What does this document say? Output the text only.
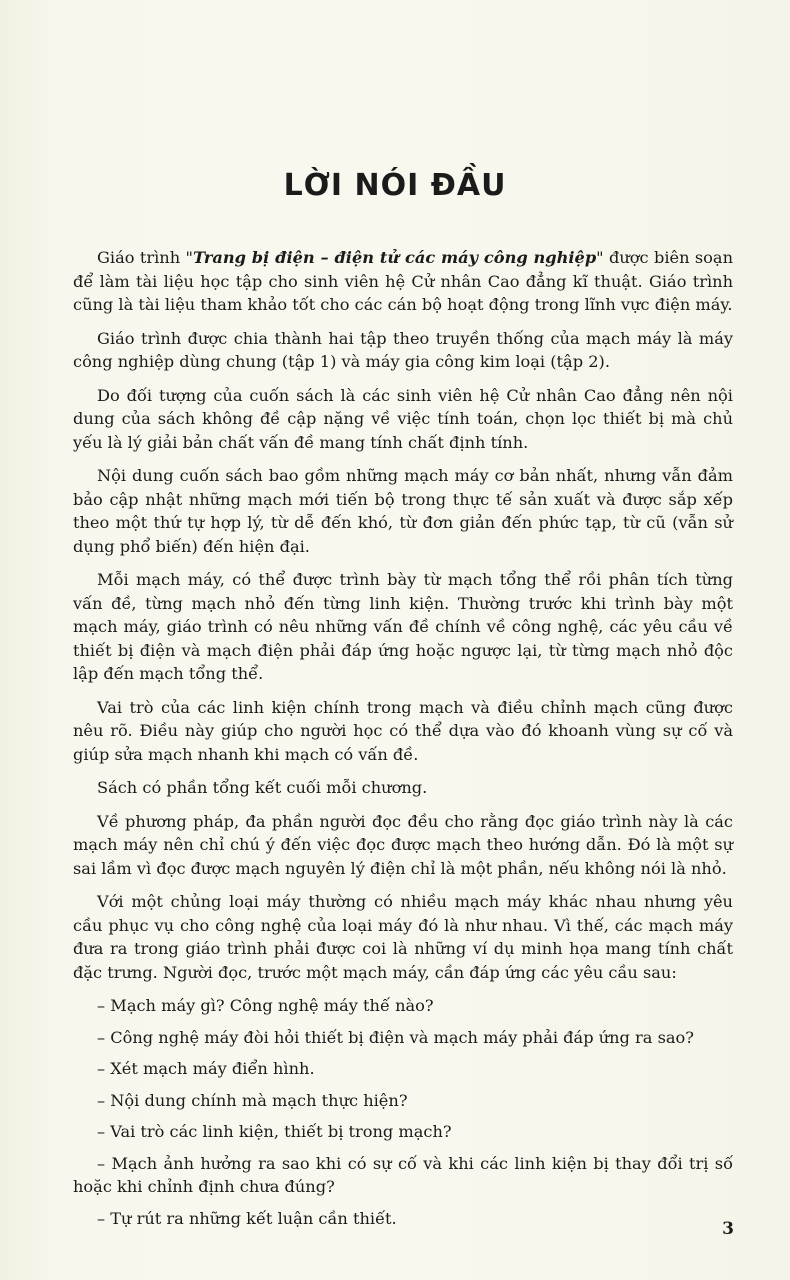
LỜI NÓI ĐẦU

Giáo trình "Trang bị điện – điện tử các máy công nghiệp" được biên soạn để làm tài liệu học tập cho sinh viên hệ Cử nhân Cao đẳng kĩ thuật. Giáo trình cũng là tài liệu tham khảo tốt cho các cán bộ hoạt động trong lĩnh vực điện máy.

Giáo trình được chia thành hai tập theo truyền thống của mạch máy là máy công nghiệp dùng chung (tập 1) và máy gia công kim loại (tập 2).

Do đối tượng của cuốn sách là các sinh viên hệ Cử nhân Cao đẳng nên nội dung của sách không đề cập nặng về việc tính toán, chọn lọc thiết bị mà chủ yếu là lý giải bản chất vấn đề mang tính chất định tính.

Nội dung cuốn sách bao gồm những mạch máy cơ bản nhất, nhưng vẫn đảm bảo cập nhật những mạch mới tiến bộ trong thực tế sản xuất và được sắp xếp theo một thứ tự hợp lý, từ dễ đến khó, từ đơn giản đến phức tạp, từ cũ (vẫn sử dụng phổ biến) đến hiện đại.

Mỗi mạch máy, có thể được trình bày từ mạch tổng thể rồi phân tích từng vấn đề, từng mạch nhỏ đến từng linh kiện. Thường trước khi trình bày một mạch máy, giáo trình có nêu những vấn đề chính về công nghệ, các yêu cầu về thiết bị điện và mạch điện phải đáp ứng hoặc ngược lại, từ từng mạch nhỏ độc lập đến mạch tổng thể.

Vai trò của các linh kiện chính trong mạch và điều chỉnh mạch cũng được nêu rõ. Điều này giúp cho người học có thể dựa vào đó khoanh vùng sự cố và giúp sửa mạch nhanh khi mạch có vấn đề.

Sách có phần tổng kết cuối mỗi chương.

Về phương pháp, đa phần người đọc đều cho rằng đọc giáo trình này là các mạch máy nên chỉ chú ý đến việc đọc được mạch theo hướng dẫn. Đó là một sự sai lầm vì đọc được mạch nguyên lý điện chỉ là một phần, nếu không nói là nhỏ.

Với một chủng loại máy thường có nhiều mạch máy khác nhau nhưng yêu cầu phục vụ cho công nghệ của loại máy đó là như nhau. Vì thế, các mạch máy đưa ra trong giáo trình phải được coi là những ví dụ minh họa mang tính chất đặc trưng. Người đọc, trước một mạch máy, cần đáp ứng các yêu cầu sau:

– Mạch máy gì? Công nghệ máy thế nào?
– Công nghệ máy đòi hỏi thiết bị điện và mạch máy phải đáp ứng ra sao?
– Xét mạch máy điển hình.
– Nội dung chính mà mạch thực hiện?
– Vai trò các linh kiện, thiết bị trong mạch?
– Mạch ảnh hưởng ra sao khi có sự cố và khi các linh kiện bị thay đổi trị số hoặc khi chỉnh định chưa đúng?
– Tự rút ra những kết luận cần thiết.
3
